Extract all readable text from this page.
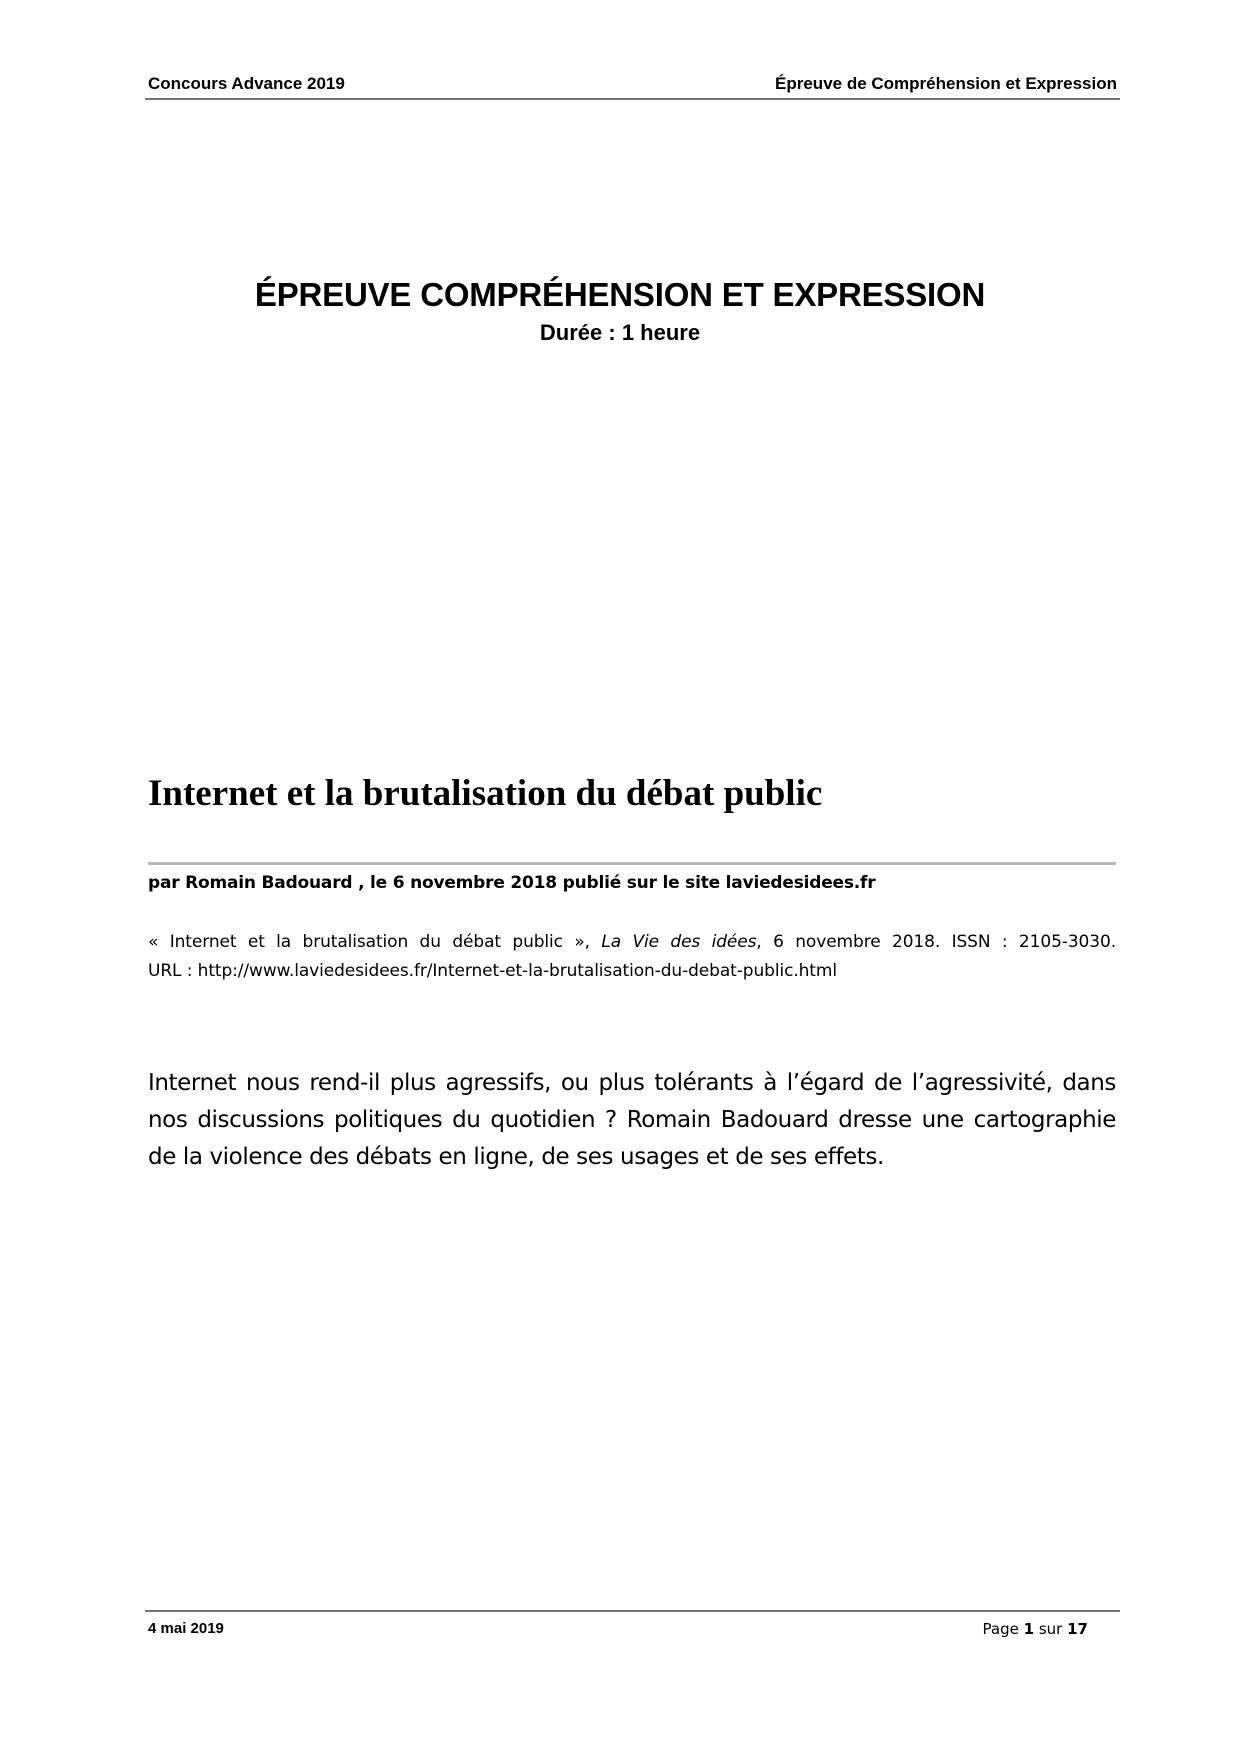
Concours Advance 2019	Épreuve de Compréhension et Expression
ÉPREUVE COMPRÉHENSION ET EXPRESSION
Durée : 1 heure
Internet et la brutalisation du débat public
par Romain Badouard , le 6 novembre 2018 publié sur le site laviedesidees.fr
« Internet et la brutalisation du débat public », La Vie des idées, 6 novembre 2018. ISSN : 2105-3030.
URL : http://www.laviedesidees.fr/Internet-et-la-brutalisation-du-debat-public.html
Internet nous rend-il plus agressifs, ou plus tolérants à l’égard de l’agressivité, dans nos discussions politiques du quotidien ? Romain Badouard dresse une cartographie de la violence des débats en ligne, de ses usages et de ses effets.
4 mai 2019	Page 1 sur 17
